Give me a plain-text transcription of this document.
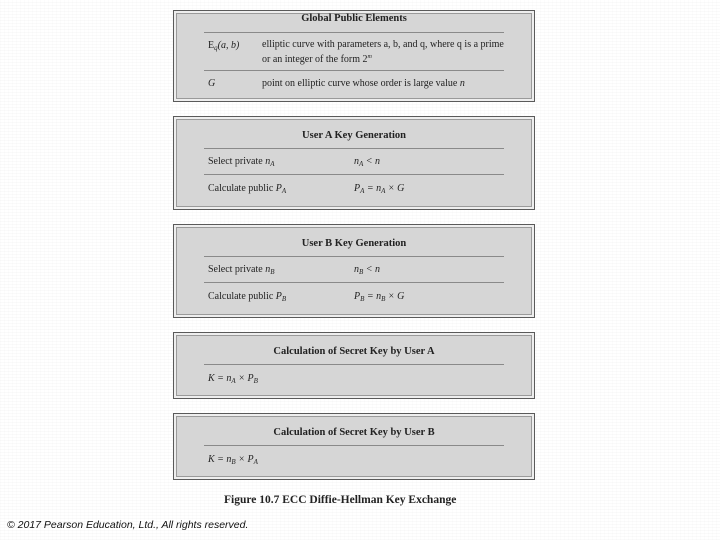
Global Public Elements
$E_q(a$, b) elliptic curve with parameters a, b, and q, where q is a prime
or an integer of the form 2$^m$
G	point on elliptic curve whose order is large value n
User A Key Generation
Select private $n_A$	$n_A < n$
Calculate public $P_A$	$P_A = n_A \times G$
User B Key Generation
Select private $n_B$	$n_B < n$
Calculate public $P_B$	$P_B = n_B \times G$
Calculation of Secret Key by User A
$K = n_A \times P_B$
Calculation of Secret Key by User B
$K = n_B \times P_A$
Figure 10.7 ECC Diffie-Hellman Key Exchange
© 2017 Pearson Education, Ltd., All rights reserved.
